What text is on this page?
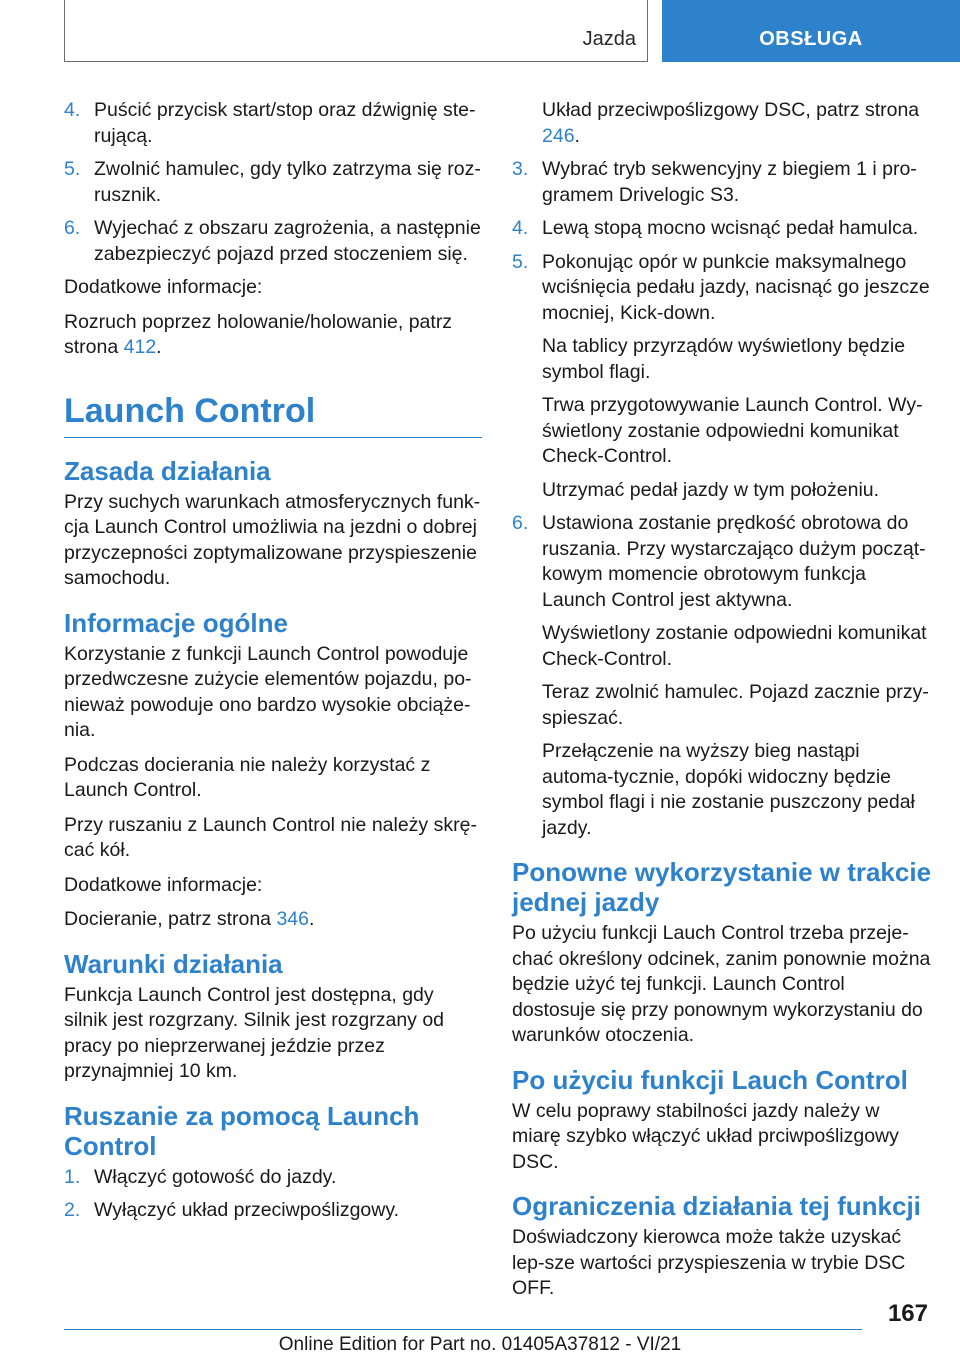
Jazda	OBSŁUGA
4. Puścić przycisk start/stop oraz dźwignię ste-rującą.
5. Zwolnić hamulec, gdy tylko zatrzyma się roz-rusznik.
6. Wyjechać z obszaru zagrożenia, a następnie zabezpieczyć pojazd przed stoczeniem się.

Dodatkowe informacje:

Rozruch poprzez holowanie/holowanie, patrz strona 412.

Launch Control
Zasada działania

Przy suchych warunkach atmosferycznych funk-cja Launch Control umożliwia na jezdni o dobrej przyczepności zoptymalizowane przyspieszenie samochodu.

Informacje ogólne

Korzystanie z funkcji Launch Control powoduje przedwczesne zużycie elementów pojazdu, po-nieważ powoduje ono bardzo wysokie obciąże-nia.

Podczas docierania nie należy korzystać z Launch Control.

Przy ruszaniu z Launch Control nie należy skrę-cać kół.

Dodatkowe informacje:

Docieranie, patrz strona 346.

Warunki działania

Funkcja Launch Control jest dostępna, gdy silnik jest rozgrzany. Silnik jest rozgrzany od pracy po nieprzerwanej jeździe przez przynajmniej 10 km.

Ruszanie za pomocą Launch Control
1. Włączyć gotowość do jazdy.
2. Wyłączyć układ przeciwpoślizgowy.
Układ przeciwpoślizgowy DSC, patrz strona 246.
3. Wybrać tryb sekwencyjny z biegiem 1 i pro-gramem Drivelogic S3.
4. Lewą stopą mocno wcisnąć pedał hamulca.
5. Pokonując opór w punkcie maksymalnego wciśnięcia pedału jazdy, nacisnąć go jeszcze mocniej, Kick-down.
Na tablicy przyrządów wyświetlony będzie symbol flagi.
Trwa przygotowywanie Launch Control. Wy-świetlony zostanie odpowiedni komunikat Check-Control.
Utrzymać pedał jazdy w tym położeniu.
6. Ustawiona zostanie prędkość obrotowa do ruszania. Przy wystarczająco dużym począt-kowym momencie obrotowym funkcja Launch Control jest aktywna.
Wyświetlony zostanie odpowiedni komunikat Check-Control.
Teraz zwolnić hamulec. Pojazd zacznie przy-spieszać.
Przełączenie na wyższy bieg nastąpi automa-tycznie, dopóki widoczny będzie symbol flagi i nie zostanie puszczony pedał jazdy.
Ponowne wykorzystanie w trakcie jednej jazdy

Po użyciu funkcji Lauch Control trzeba przeje-chać określony odcinek, zanim ponownie można będzie użyć tej funkcji. Launch Control dostosuje się przy ponownym wykorzystaniu do warunków otoczenia.

Po użyciu funkcji Lauch Control

W celu poprawy stabilności jazdy należy w miarę szybko włączyć układ prciwpoślizgowy DSC.

Ograniczenia działania tej funkcji

Doświadczony kierowca może także uzyskać lep-sze wartości przyspieszenia w trybie DSC OFF.

167
Online Edition for Part no. 01405A37812 - VI/21
